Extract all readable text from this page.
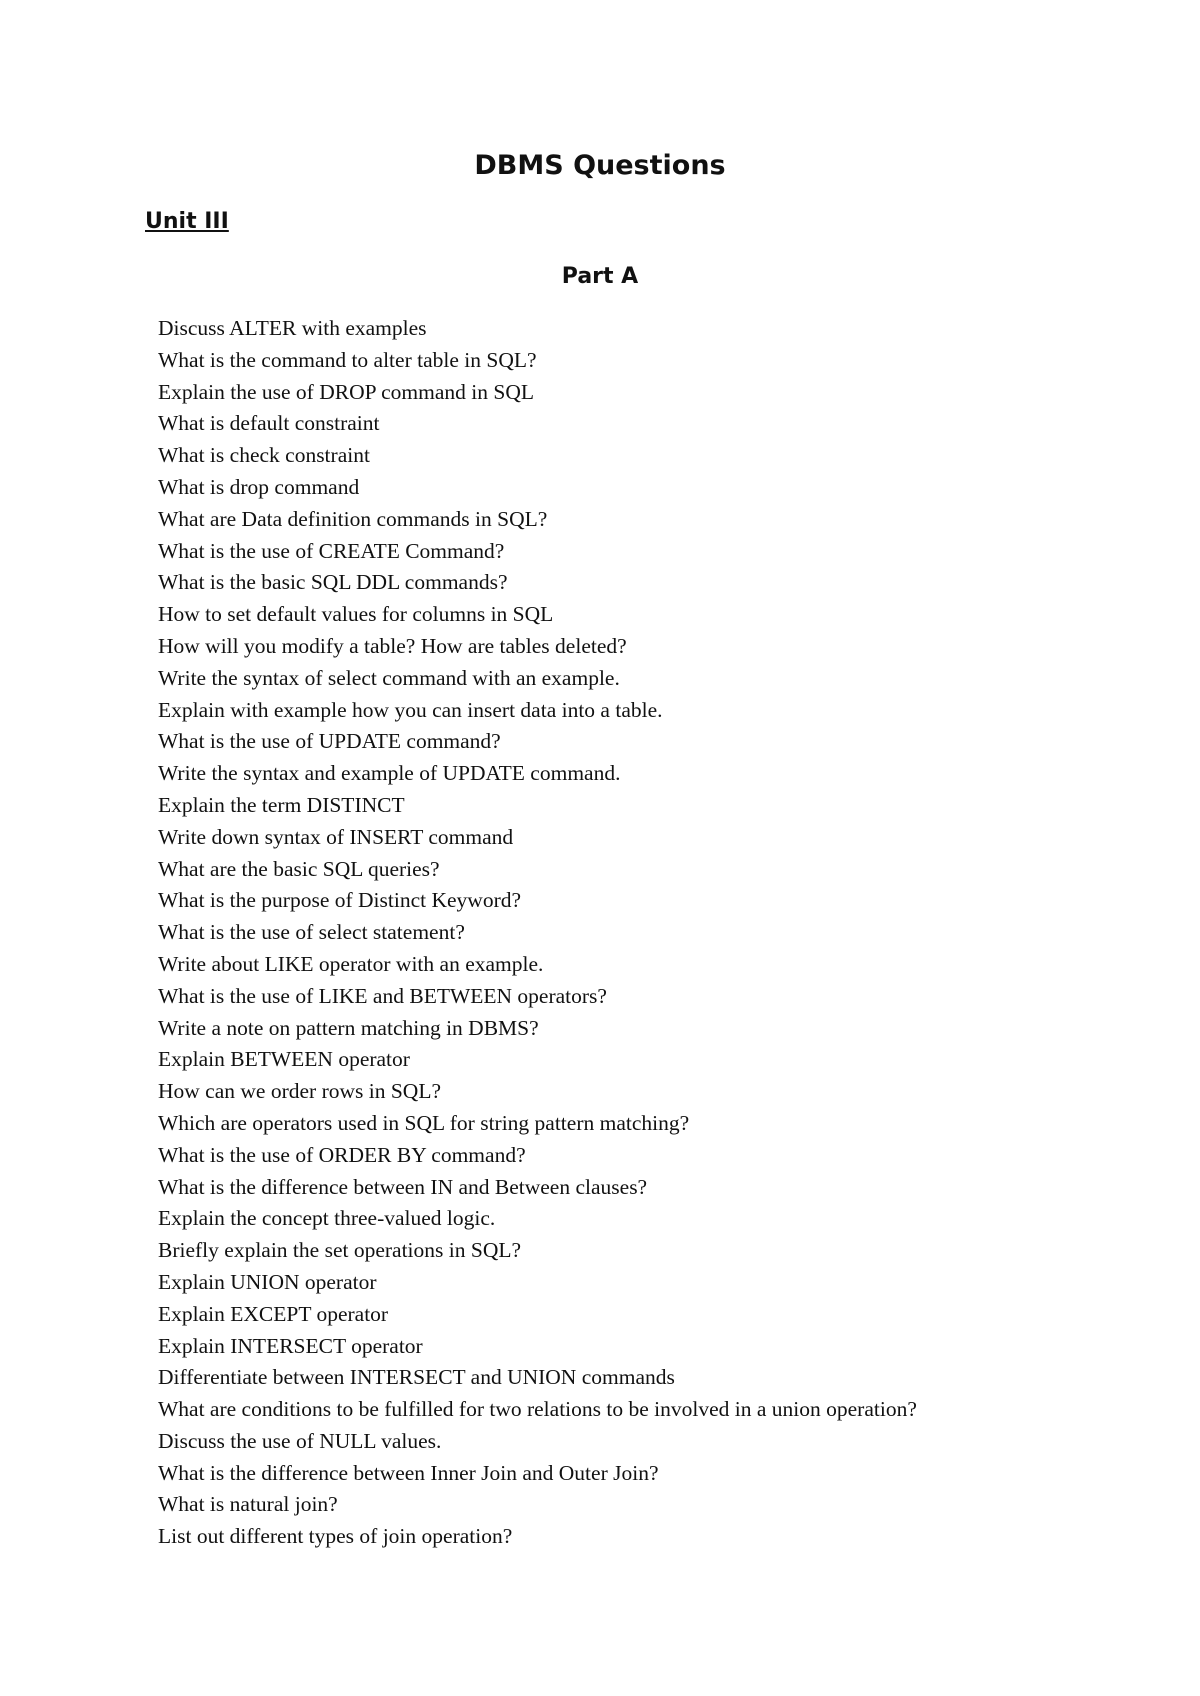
DBMS Questions
Unit III
Part A
Discuss ALTER with examples
What is the command to alter table in SQL?
Explain the use of DROP command in SQL
What is default constraint
What is check constraint
What is drop command
What are Data definition commands in SQL?
What is the use of CREATE Command?
What is the basic SQL DDL commands?
How to set default values for columns in SQL
How will you modify a table? How are tables deleted?
Write the syntax of select command with an example.
Explain with example how you can insert data into a table.
What is the use of UPDATE command?
Write the syntax and example of UPDATE command.
Explain the term DISTINCT
Write down syntax of INSERT command
What are the basic SQL queries?
What is the purpose of Distinct Keyword?
What is the use of select statement?
Write about LIKE operator with an example.
What is the use of LIKE and BETWEEN operators?
Write a note on pattern matching in DBMS?
Explain BETWEEN operator
How can we order rows in SQL?
Which are operators used in SQL for string pattern matching?
What is the use of ORDER BY command?
What is the difference between IN and Between clauses?
Explain the concept three-valued logic.
Briefly explain the set operations in SQL?
Explain UNION operator
Explain EXCEPT operator
Explain INTERSECT operator
Differentiate between INTERSECT and UNION commands
What are conditions to be fulfilled for two relations to be involved in a union operation?
Discuss the use of NULL values.
What is the difference between Inner Join and Outer Join?
What is natural join?
List out different types of join operation?
